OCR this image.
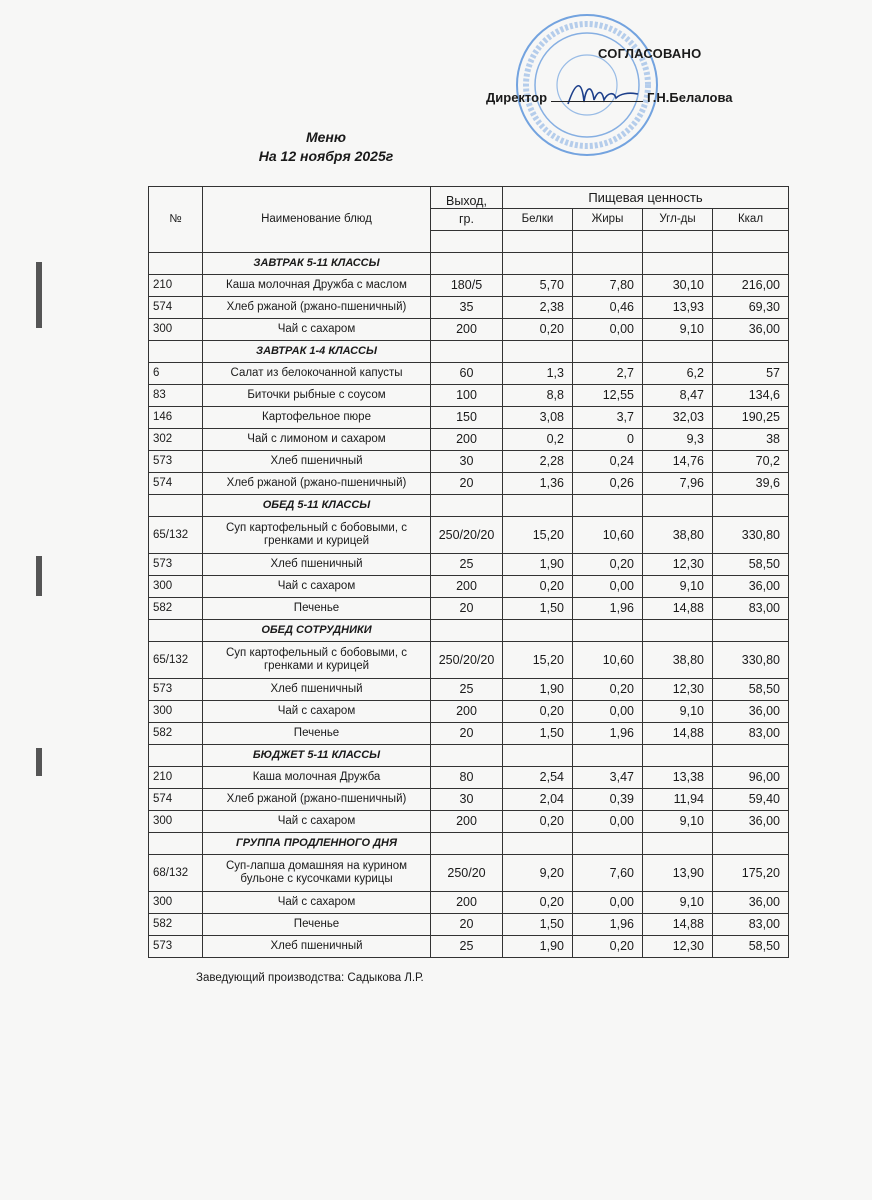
СОГЛАСОВАНО
Директор	Г.Н.Белалова
Меню
На 12 ноября 2025г
№	Наименование блюд	Выход,	Пищевая ценность			
		гр.	Белки	Жиры	Угл-ды	Ккал

	ЗАВТРАК 5-11 КЛАССЫ					
210	Каша молочная Дружба с маслом	180/5	5,70	7,80	30,10	216,00
574	Хлеб ржаной (ржано-пшеничный)	35	2,38	0,46	13,93	69,30
300	Чай с сахаром	200	0,20	0,00	9,10	36,00
	ЗАВТРАК 1-4 КЛАССЫ					
6	Салат из белокочанной капусты	60	1,3	2,7	6,2	57
83	Биточки рыбные с соусом	100	8,8	12,55	8,47	134,6
146	Картофельное пюре	150	3,08	3,7	32,03	190,25
302	Чай с лимоном и сахаром	200	0,2	0	9,3	38
573	Хлеб пшеничный	30	2,28	0,24	14,76	70,2
574	Хлеб ржаной (ржано-пшеничный)	20	1,36	0,26	7,96	39,6
	ОБЕД 5-11 КЛАССЫ					
65/132	Суп картофельный с бобовыми, с гренками и курицей	250/20/20	15,20	10,60	38,80	330,80
573	Хлеб пшеничный	25	1,90	0,20	12,30	58,50
300	Чай с сахаром	200	0,20	0,00	9,10	36,00
582	Печенье	20	1,50	1,96	14,88	83,00
	ОБЕД СОТРУДНИКИ					
65/132	Суп картофельный с бобовыми, с гренками и курицей	250/20/20	15,20	10,60	38,80	330,80
573	Хлеб пшеничный	25	1,90	0,20	12,30	58,50
300	Чай с сахаром	200	0,20	0,00	9,10	36,00
582	Печенье	20	1,50	1,96	14,88	83,00
	БЮДЖЕТ 5-11 КЛАССЫ					
210	Каша молочная Дружба	80	2,54	3,47	13,38	96,00
574	Хлеб ржаной (ржано-пшеничный)	30	2,04	0,39	11,94	59,40
300	Чай с сахаром	200	0,20	0,00	9,10	36,00
	ГРУППА ПРОДЛЕННОГО ДНЯ					
68/132	Суп-лапша домашняя на курином бульоне с кусочками курицы	250/20	9,20	7,60	13,90	175,20
300	Чай с сахаром	200	0,20	0,00	9,10	36,00
582	Печенье	20	1,50	1,96	14,88	83,00
573	Хлеб пшеничный	25	1,90	0,20	12,30	58,50
Заведующий производства: Садыкова Л.Р.
